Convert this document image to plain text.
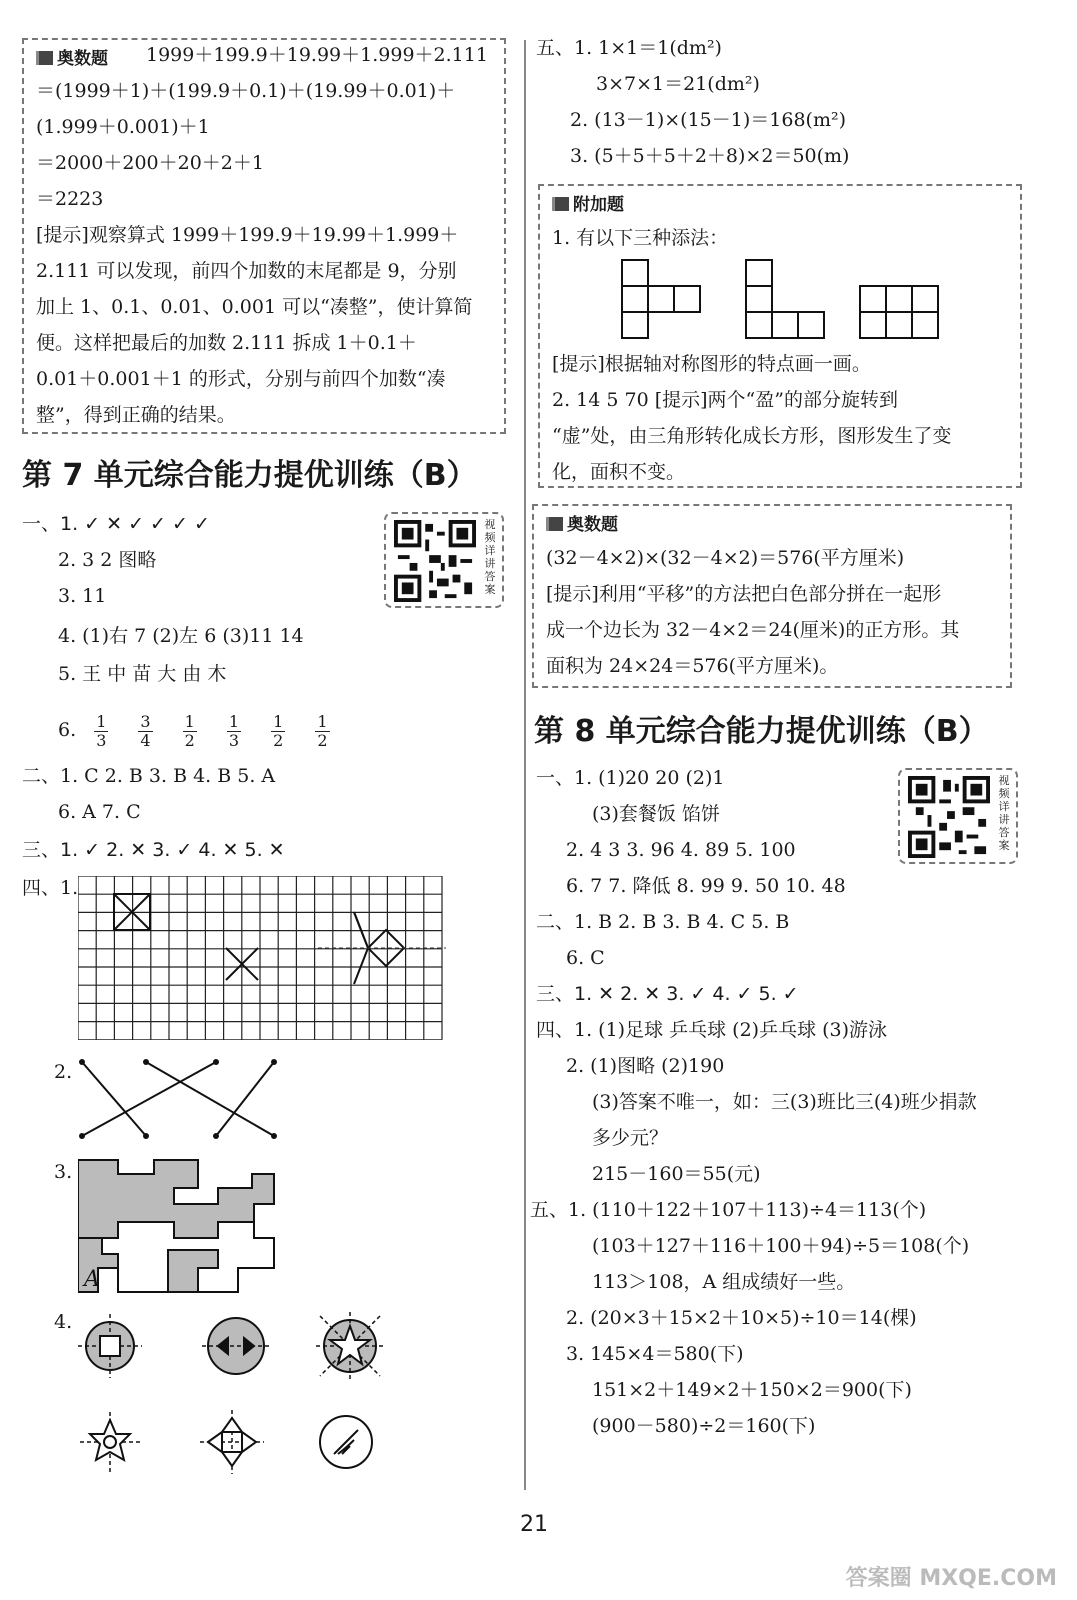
奥数题 1999＋199.9＋19.99＋1.999＋2.111
＝(1999＋1)＋(199.9＋0.1)＋(19.99＋0.01)＋
(1.999＋0.001)＋1
＝2000＋200＋20＋2＋1
＝2223
[提示]观察算式 1999＋199.9＋19.99＋1.999＋
2.111 可以发现，前四个加数的末尾都是 9，分别
加上 1、0.1、0.01、0.001 可以“凑整”，使计算简
便。这样把最后的加数 2.111 拆成 1＋0.1＋
0.01＋0.001＋1 的形式，分别与前四个加数“凑
整”，得到正确的结果。
第 7 单元综合能力提优训练（B）
视频详讲答案
一、1. ✓ ✕ ✓ ✓ ✓ ✓
2. 3 2 图略
3. 11
4. (1)右 7 (2)左 6 (3)11 14
5. 王 中 苗 大 由 木
6. $\frac{1}{3}$
$\frac{3}{4}$
$\frac{1}{2}$
$\frac{1}{3}$
$\frac{1}{2}$
$\frac{1}{2}$
二、1. C 2. B 3. B 4. B 5. A
6. A 7. C
三、1. ✓ 2. ✕ 3. ✓ 4. ✕ 5. ✕
四、1.
2.
3.
A
4.
五、1. 1×1＝1(dm²)
3×7×1＝21(dm²)
2. (13－1)×(15－1)＝168(m²)
3. (5＋5＋5＋2＋8)×2＝50(m)
附加题
1. 有以下三种添法：
[提示]根据轴对称图形的特点画一画。
2. 14 5 70 [提示]两个“盈”的部分旋转到
“虚”处，由三角形转化成长方形，图形发生了变
化，面积不变。
奥数题
(32－4×2)×(32－4×2)＝576(平方厘米)
[提示]利用“平移”的方法把白色部分拼在一起形
成一个边长为 32－4×2＝24(厘米)的正方形。其
面积为 24×24＝576(平方厘米)。
第 8 单元综合能力提优训练（B）
视频详讲答案
一、1. (1)20 20 (2)1
(3)套餐饭 馅饼
2. 4 3 3. 96 4. 89 5. 100
6. 7 7. 降低 8. 99 9. 50 10. 48
二、1. B 2. B 3. B 4. C 5. B
6. C
三、1. ✕ 2. ✕ 3. ✓ 4. ✓ 5. ✓
四、1. (1)足球 乒乓球 (2)乒乓球 (3)游泳
2. (1)图略 (2)190
(3)答案不唯一，如：三(3)班比三(4)班少捐款
多少元？
215－160＝55(元)
五、1. (110＋122＋107＋113)÷4＝113(个)
(103＋127＋116＋100＋94)÷5＝108(个)
113＞108，A 组成绩好一些。
2. (20×3＋15×2＋10×5)÷10＝14(棵)
3. 145×4＝580(下)
151×2＋149×2＋150×2＝900(下)
(900－580)÷2＝160(下)
21
答案圈 MXQE.COM
